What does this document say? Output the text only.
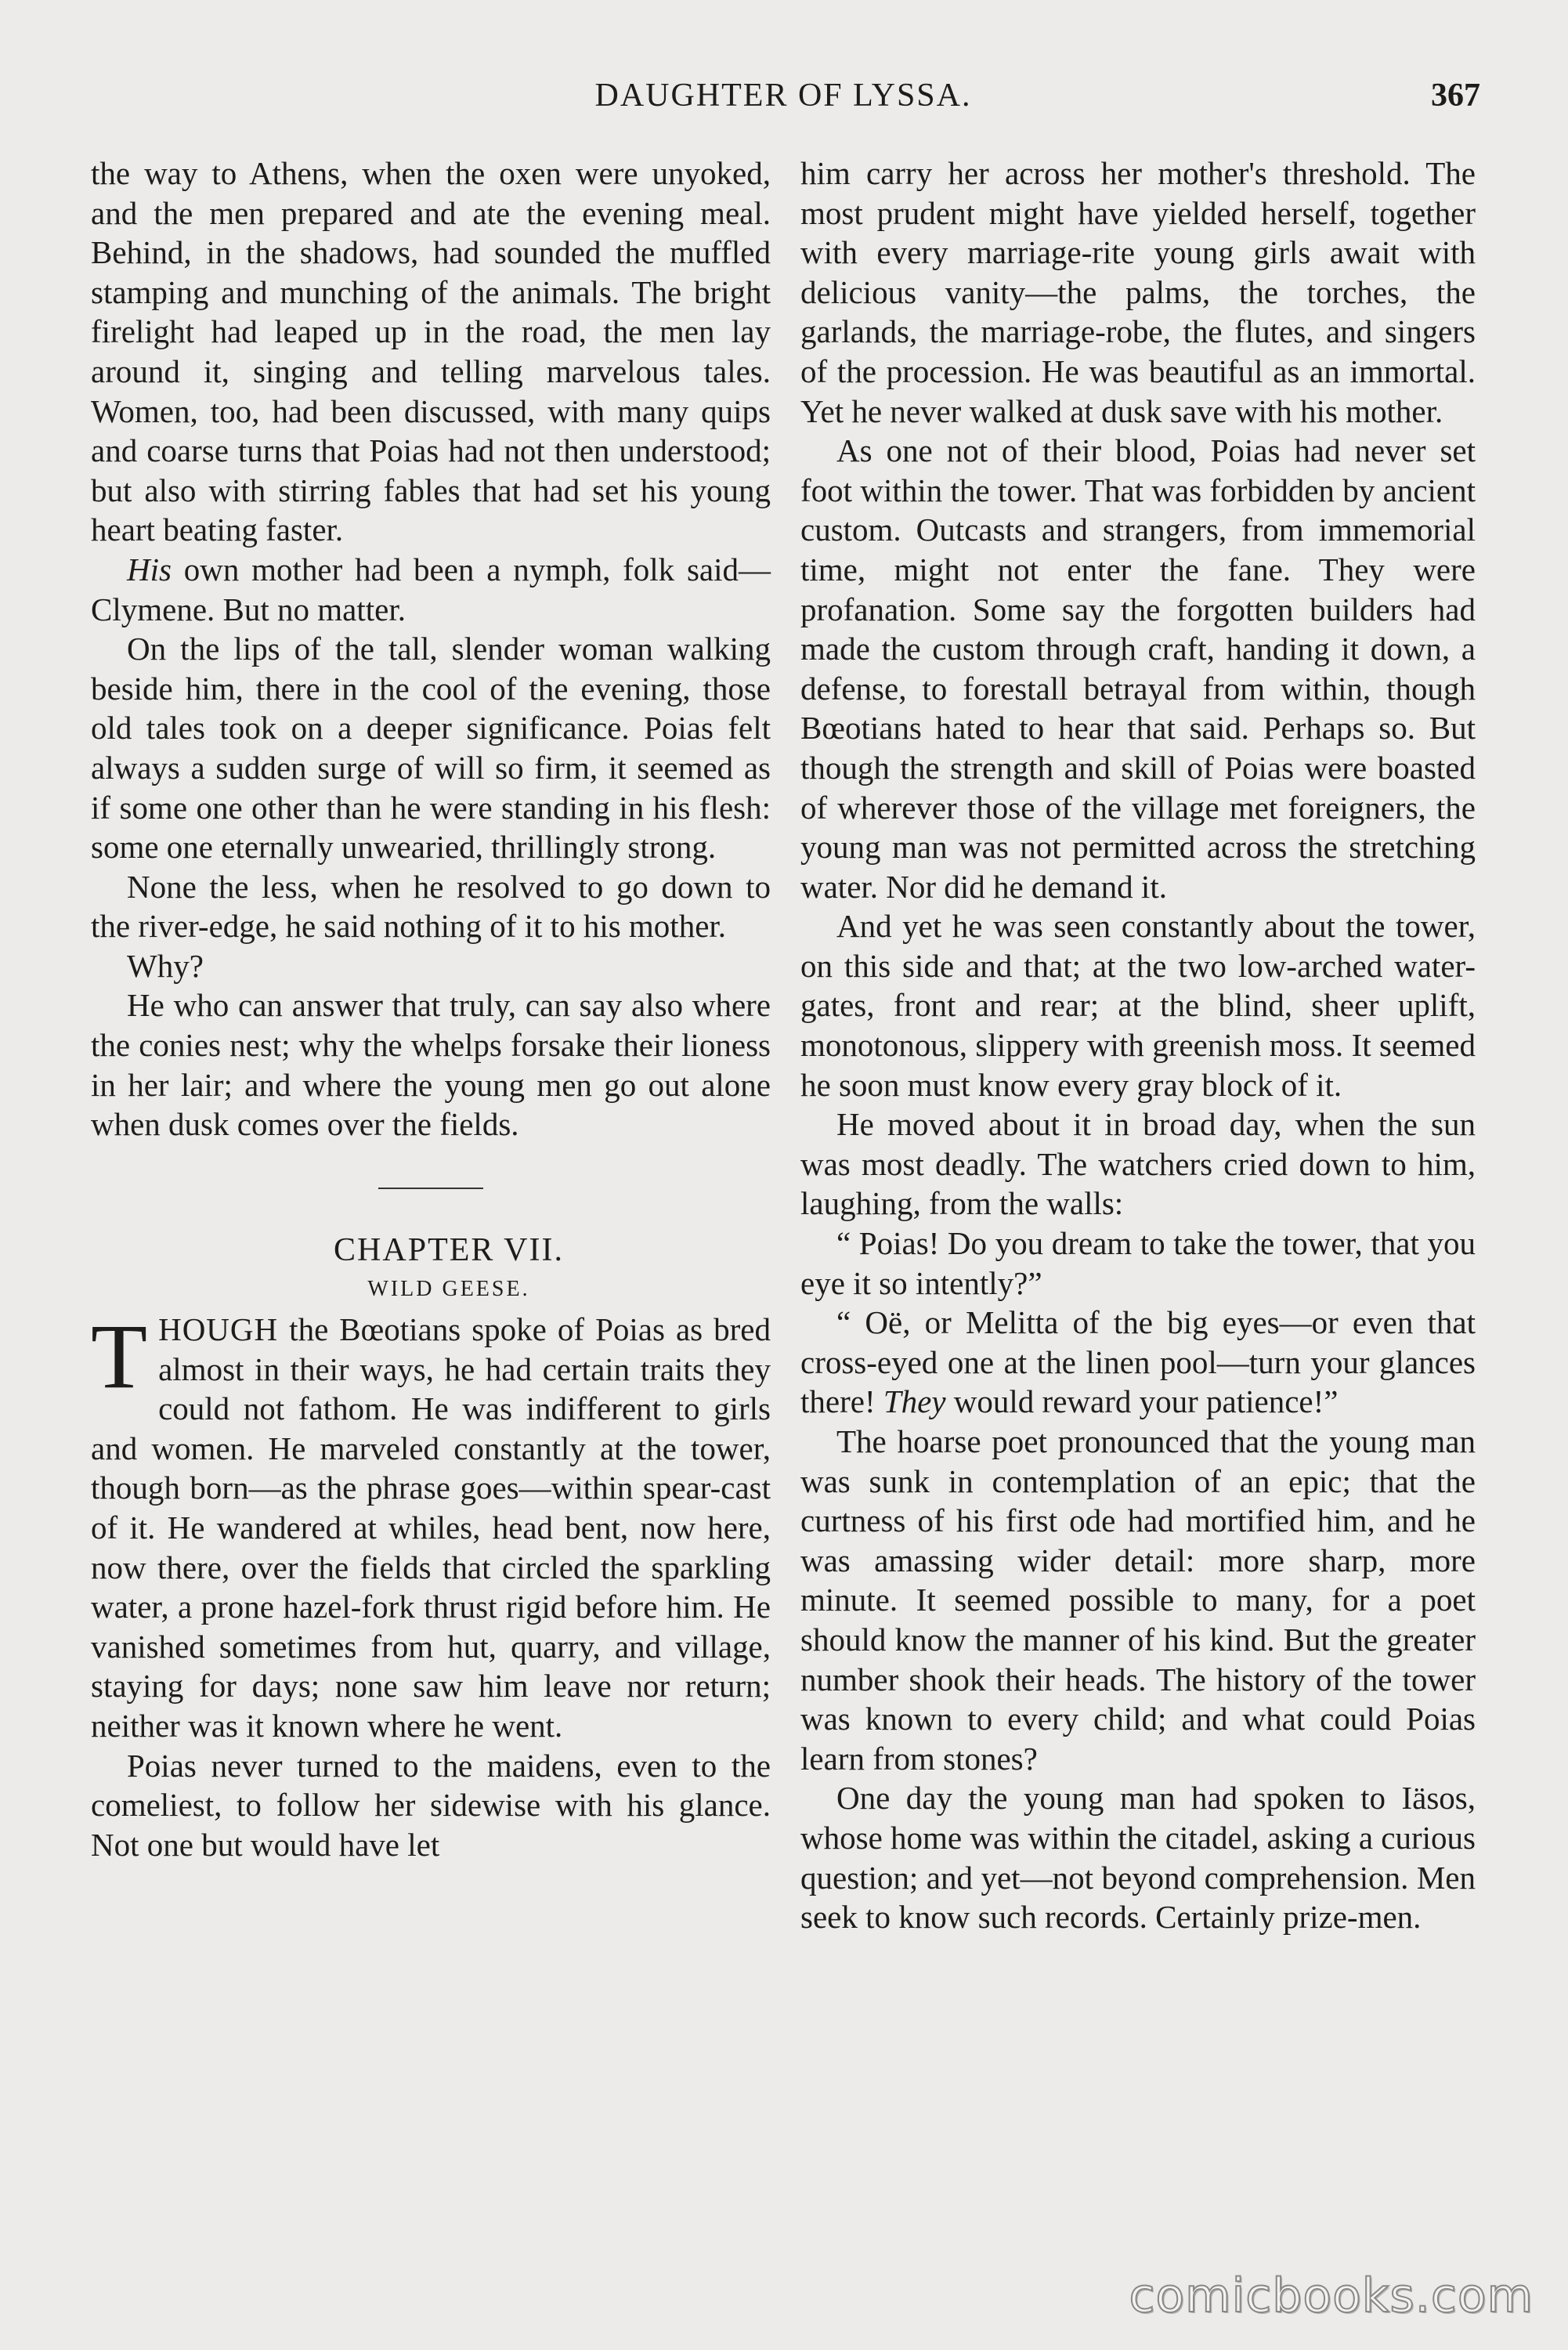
DAUGHTER OF LYSSA.	367

the way to Athens, when the oxen were unyoked, and the men prepared and ate the evening meal. Behind, in the shadows, had sounded the muffled stamping and munching of the animals. The bright firelight had leaped up in the road, the men lay around it, singing and telling marvelous tales. Women, too, had been discussed, with many quips and coarse turns that Poias had not then understood; but also with stirring fables that had set his young heart beating faster.

His own mother had been a nymph, folk said—Clymene. But no matter.

On the lips of the tall, slender woman walking beside him, there in the cool of the evening, those old tales took on a deeper significance. Poias felt always a sudden surge of will so firm, it seemed as if some one other than he were standing in his flesh: some one eternally unwearied, thrillingly strong.

None the less, when he resolved to go down to the river-edge, he said nothing of it to his mother.

Why?

He who can answer that truly, can say also where the conies nest; why the whelps forsake their lioness in her lair; and where the young men go out alone when dusk comes over the fields.

CHAPTER VII.

WILD GEESE.

THOUGH the Bœotians spoke of Poias as bred almost in their ways, he had certain traits they could not fathom. He was indifferent to girls and women. He marveled constantly at the tower, though born—as the phrase goes—within spear-cast of it. He wandered at whiles, head bent, now here, now there, over the fields that circled the sparkling water, a prone hazel-fork thrust rigid before him. He vanished sometimes from hut, quarry, and village, staying for days; none saw him leave nor return; neither was it known where he went.

Poias never turned to the maidens, even to the comeliest, to follow her sidewise with his glance. Not one but would have let

him carry her across her mother's threshold. The most prudent might have yielded herself, together with every marriage-rite young girls await with delicious vanity—the palms, the torches, the garlands, the marriage-robe, the flutes, and singers of the procession. He was beautiful as an immortal. Yet he never walked at dusk save with his mother.

As one not of their blood, Poias had never set foot within the tower. That was forbidden by ancient custom. Outcasts and strangers, from immemorial time, might not enter the fane. They were profanation. Some say the forgotten builders had made the custom through craft, handing it down, a defense, to forestall betrayal from within, though Bœotians hated to hear that said. Perhaps so. But though the strength and skill of Poias were boasted of wherever those of the village met foreigners, the young man was not permitted across the stretching water. Nor did he demand it.

And yet he was seen constantly about the tower, on this side and that; at the two low-arched water-gates, front and rear; at the blind, sheer uplift, monotonous, slippery with greenish moss. It seemed he soon must know every gray block of it.

He moved about it in broad day, when the sun was most deadly. The watchers cried down to him, laughing, from the walls:

“ Poias! Do you dream to take the tower, that you eye it so intently?”

“ Oë, or Melitta of the big eyes—or even that cross-eyed one at the linen pool—turn your glances there! They would reward your patience!”

The hoarse poet pronounced that the young man was sunk in contemplation of an epic; that the curtness of his first ode had mortified him, and he was amassing wider detail: more sharp, more minute. It seemed possible to many, for a poet should know the manner of his kind. But the greater number shook their heads. The history of the tower was known to every child; and what could Poias learn from stones?

One day the young man had spoken to Iäsos, whose home was within the citadel, asking a curious question; and yet—not beyond comprehension. Men seek to know such records. Certainly prize-men.

comicbooks.com
